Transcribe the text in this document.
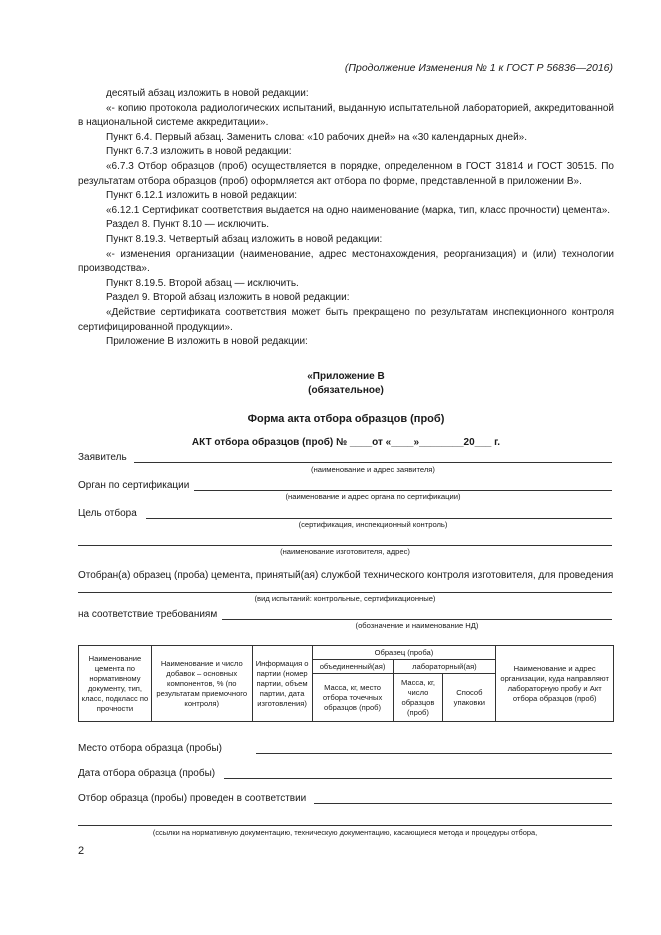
(Продолжение Изменения № 1 к ГОСТ Р 56836—2016)

десятый абзац изложить в новой редакции:

«- копию протокола радиологических испытаний, выданную испытательной лабораторией, аккредитованной в национальной системе аккредитации».

Пункт 6.4. Первый абзац. Заменить слова: «10 рабочих дней» на «30 календарных дней».

Пункт 6.7.3 изложить в новой редакции:

«6.7.3 Отбор образцов (проб) осуществляется в порядке, определенном в ГОСТ 31814 и ГОСТ 30515. По результатам отбора образцов (проб) оформляется акт отбора по форме, представленной в приложении В».

Пункт 6.12.1 изложить в новой редакции:

«6.12.1 Сертификат соответствия выдается на одно наименование (марка, тип, класс прочности) цемента».

Раздел 8. Пункт 8.10 — исключить.

Пункт 8.19.3. Четвертый абзац изложить в новой редакции:

«- изменения организации (наименование, адрес местонахождения, реорганизация) и (или) технологии производства».

Пункт 8.19.5. Второй абзац — исключить.

Раздел 9. Второй абзац изложить в новой редакции:

«Действие сертификата соответствия может быть прекращено по результатам инспекционного контроля сертифицированной продукции».

Приложение В изложить в новой редакции:

«Приложение В
(обязательное)
Форма акта отбора образцов (проб)
АКТ отбора образцов (проб) № ____от «____»________20___ г.
Заявитель
(наименование и адрес заявителя)
Орган по сертификации
(наименование и адрес органа по сертификации)
Цель отбора
(сертификация, инспекционный контроль)
(наименование изготовителя, адрес)
Отобран(а) образец (проба) цемента, принятый(ая) службой технического контроля изготовителя, для проведения
(вид испытаний: контрольные, сертификационные)
на соответствие требованиям
(обозначение и наименование НД)
Наименование цемента по нормативному документу, тип, класс, подкласс по прочности	Наименование и число добавок – основных компонентов, % (по результатам приемочного контроля)	Информация о партии (номер партии, объем партии, дата изготовления)	Образец (проба)			Наименование и адрес организации, куда направляют лабораторную пробу и Акт отбора образцов (проб)
			объединенный(ая)	лабораторный(ая)		
			Масса, кг, место отбора точечных образцов (проб)	Масса, кг, число образцов (проб)	Способ упаковки	
Место отбора образца (пробы)
Дата отбора образца (пробы)
Отбор образца (пробы) проведен в соответствии
(ссылки на нормативную документацию, техническую документацию, касающиеся метода и процедуры отбора,
2
